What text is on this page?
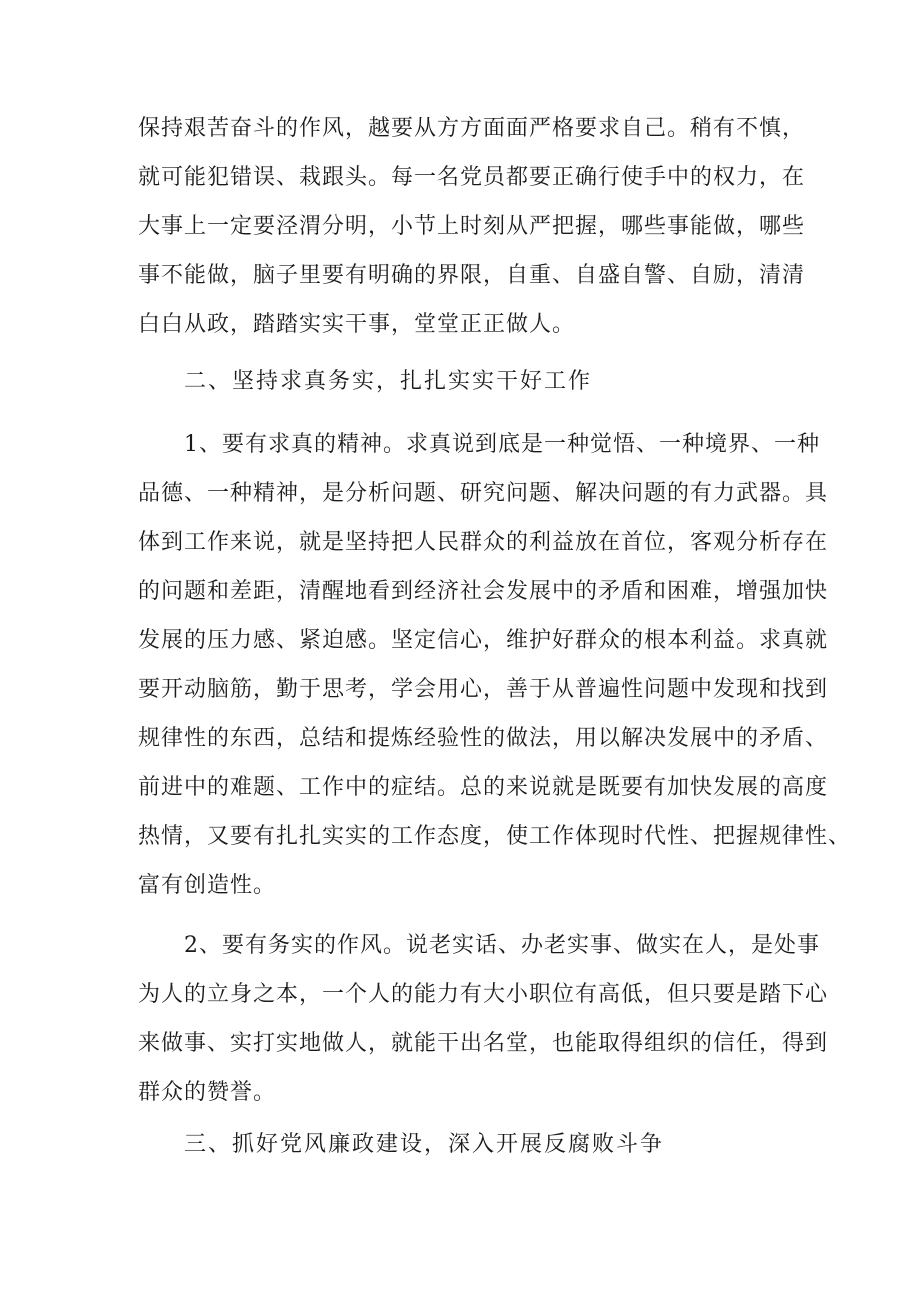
保持艰苦奋斗的作风，越要从方方面面严格要求自己。稍有不慎，
就可能犯错误、栽跟头。每一名党员都要正确行使手中的权力，在
大事上一定要泾渭分明，小节上时刻从严把握，哪些事能做，哪些
事不能做，脑子里要有明确的界限，自重、自盛自警、自励，清清
白白从政，踏踏实实干事，堂堂正正做人。
二、坚持求真务实，扎扎实实干好工作
1、要有求真的精神。求真说到底是一种觉悟、一种境界、一种
品德、一种精神，是分析问题、研究问题、解决问题的有力武器。具
体到工作来说，就是坚持把人民群众的利益放在首位，客观分析存在
的问题和差距，清醒地看到经济社会发展中的矛盾和困难，增强加快
发展的压力感、紧迫感。坚定信心，维护好群众的根本利益。求真就
要开动脑筋，勤于思考，学会用心，善于从普遍性问题中发现和找到
规律性的东西，总结和提炼经验性的做法，用以解决发展中的矛盾、
前进中的难题、工作中的症结。总的来说就是既要有加快发展的高度
热情，又要有扎扎实实的工作态度，使工作体现时代性、把握规律性、
富有创造性。
2、要有务实的作风。说老实话、办老实事、做实在人，是处事
为人的立身之本，一个人的能力有大小职位有高低，但只要是踏下心
来做事、实打实地做人，就能干出名堂，也能取得组织的信任，得到
群众的赞誉。
三、抓好党风廉政建设，深入开展反腐败斗争
